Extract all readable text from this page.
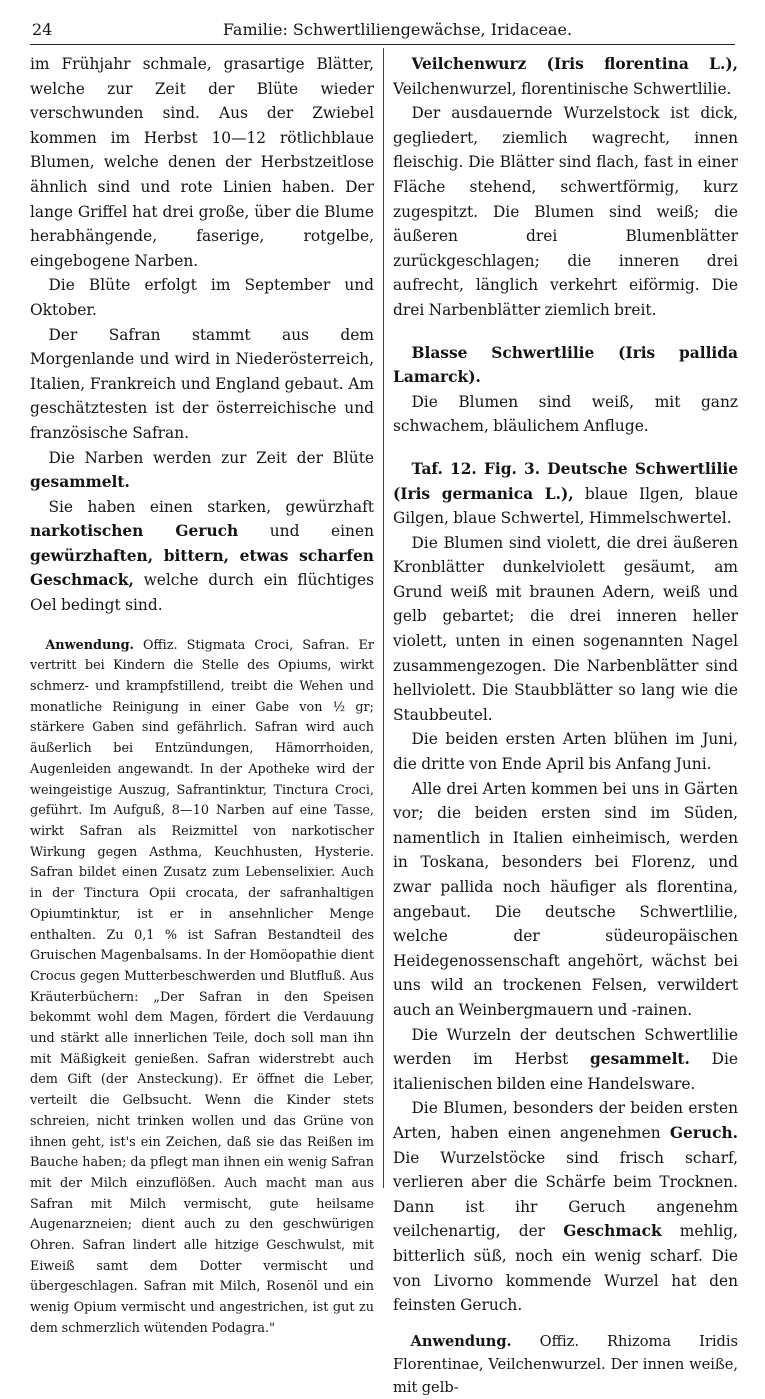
24	Familie: Schwertliliengewächse, Iridaceae.

im Frühjahr schmale, grasartige Blätter, welche zur Zeit der Blüte wieder verschwunden sind. Aus der Zwiebel kommen im Herbst 10—12 rötlichblaue Blumen, welche denen der Herbstzeitlose ähnlich sind und rote Linien haben. Der lange Griffel hat drei große, über die Blume herabhängende, faserige, rotgelbe, eingebogene Narben.

Die Blüte erfolgt im September und Oktober.

Der Safran stammt aus dem Morgenlande und wird in Niederösterreich, Italien, Frankreich und England gebaut. Am geschätztesten ist der österreichische und französische Safran.

Die Narben werden zur Zeit der Blüte gesammelt.

Sie haben einen starken, gewürzhaft narkotischen Geruch und einen gewürzhaften, bittern, etwas scharfen Geschmack, welche durch ein flüchtiges Oel bedingt sind.

Anwendung. Offiz. Stigmata Croci, Safran. Er vertritt bei Kindern die Stelle des Opiums, wirkt schmerz- und krampfstillend, treibt die Wehen und monatliche Reinigung in einer Gabe von ½ gr; stärkere Gaben sind gefährlich. Safran wird auch äußerlich bei Entzündungen, Hämorrhoiden, Augenleiden angewandt. In der Apotheke wird der weingeistige Auszug, Safrantinktur, Tinctura Croci, geführt. Im Aufguß, 8—10 Narben auf eine Tasse, wirkt Safran als Reizmittel von narkotischer Wirkung gegen Asthma, Keuchhusten, Hysterie. Safran bildet einen Zusatz zum Lebenselixier. Auch in der Tinctura Opii crocata, der safranhaltigen Opiumtinktur, ist er in ansehnlicher Menge enthalten. Zu 0,1 % ist Safran Bestandteil des Gruischen Magenbalsams. In der Homöopathie dient Crocus gegen Mutterbeschwerden und Blutfluß. Aus Kräuterbüchern: „Der Safran in den Speisen bekommt wohl dem Magen, fördert die Verdauung und stärkt alle innerlichen Teile, doch soll man ihn mit Mäßigkeit genießen. Safran widerstrebt auch dem Gift (der Ansteckung). Er öffnet die Leber, verteilt die Gelbsucht. Wenn die Kinder stets schreien, nicht trinken wollen und das Grüne von ihnen geht, ist's ein Zeichen, daß sie das Reißen im Bauche haben; da pflegt man ihnen ein wenig Safran mit der Milch einzuflößen. Auch macht man aus Safran mit Milch vermischt, gute heilsame Augenarzneien; dient auch zu den geschwürigen Ohren. Safran lindert alle hitzige Geschwulst, mit Eiweiß samt dem Dotter vermischt und übergeschlagen. Safran mit Milch, Rosenöl und ein wenig Opium vermischt und angestrichen, ist gut zu dem schmerzlich wütenden Podagra."

Veilchenwurz (Iris florentina L.), Veilchenwurzel, florentinische Schwertlilie.

Der ausdauernde Wurzelstock ist dick, gegliedert, ziemlich wagrecht, innen fleischig. Die Blätter sind flach, fast in einer Fläche stehend, schwertförmig, kurz zugespitzt. Die Blumen sind weiß; die äußeren drei Blumenblätter zurückgeschlagen; die inneren drei aufrecht, länglich verkehrt eiförmig. Die drei Narbenblätter ziemlich breit.

Blasse Schwertlilie (Iris pallida Lamarck).

Die Blumen sind weiß, mit ganz schwachem, bläulichem Anfluge.

Taf. 12. Fig. 3. Deutsche Schwertlilie (Iris germanica L.), blaue Ilgen, blaue Gilgen, blaue Schwertel, Himmelschwertel.

Die Blumen sind violett, die drei äußeren Kronblätter dunkelviolett gesäumt, am Grund weiß mit braunen Adern, weiß und gelb gebartet; die drei inneren heller violett, unten in einen sogenannten Nagel zusammengezogen. Die Narbenblätter sind hellviolett. Die Staubblätter so lang wie die Staubbeutel.

Die beiden ersten Arten blühen im Juni, die dritte von Ende April bis Anfang Juni.

Alle drei Arten kommen bei uns in Gärten vor; die beiden ersten sind im Süden, namentlich in Italien einheimisch, werden in Toskana, besonders bei Florenz, und zwar pallida noch häufiger als florentina, angebaut. Die deutsche Schwertlilie, welche der südeuropäischen Heidegenossenschaft angehört, wächst bei uns wild an trockenen Felsen, verwildert auch an Weinbergmauern und -rainen.

Die Wurzeln der deutschen Schwertlilie werden im Herbst gesammelt. Die italienischen bilden eine Handelsware.

Die Blumen, besonders der beiden ersten Arten, haben einen angenehmen Geruch. Die Wurzelstöcke sind frisch scharf, verlieren aber die Schärfe beim Trocknen. Dann ist ihr Geruch angenehm veilchenartig, der Geschmack mehlig, bitterlich süß, noch ein wenig scharf. Die von Livorno kommende Wurzel hat den feinsten Geruch.

Anwendung. Offiz. Rhizoma Iridis Florentinae, Veilchenwurzel. Der innen weiße, mit gelb-
